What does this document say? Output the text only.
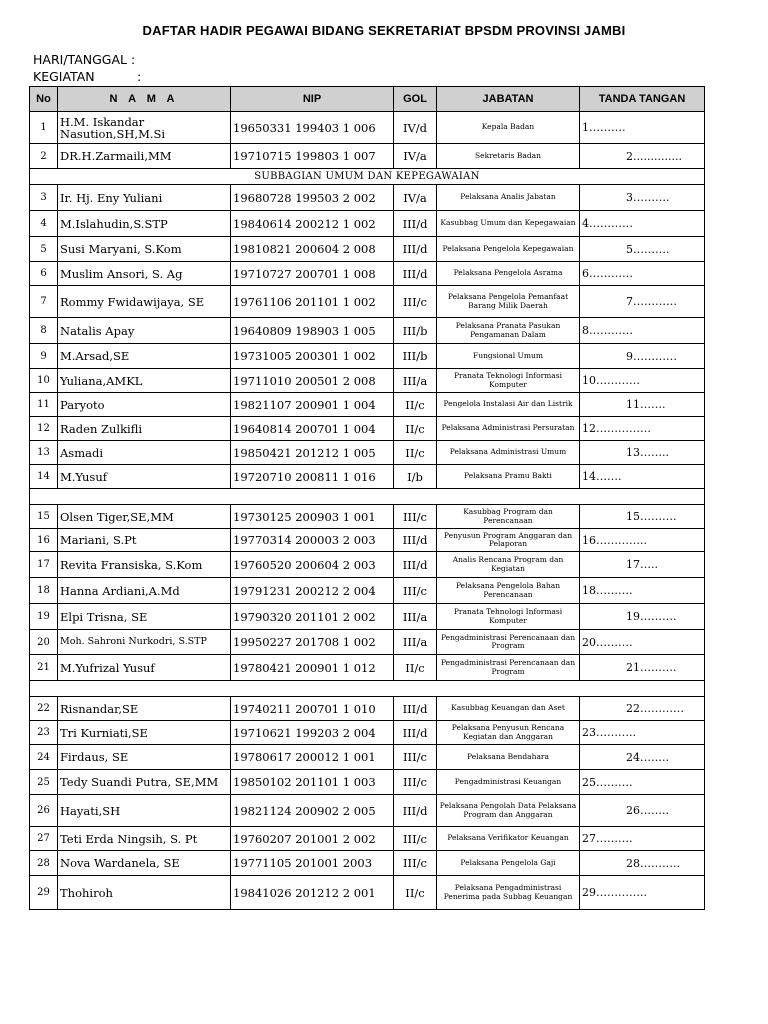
DAFTAR HADIR PEGAWAI BIDANG SEKRETARIAT BPSDM PROVINSI JAMBI
HARI/TANGGAL :
KEGIATAN	:
No	N A M A	NIP	GOL	JABATAN	TANDA TANGAN
1	H.M. Iskandar Nasution,SH,M.Si	19650331 199403 1 006	IV/d	Kepala Badan	1……….
2	DR.H.Zarmaili,MM	19710715 199803 1 007	IV/a	Sekretaris Badan	2..............
SUBBAGIAN UMUM DAN KEPEGAWAIAN					
3	Ir. Hj. Eny Yuliani	19680728 199503 2 002	IV/a	Pelaksana Analis Jabatan	3……….
4	M.Islahudin,S.STP	19840614 200212 1 002	III/d	Kasubbag Umum dan Kepegawaian	4…………
5	Susi Maryani, S.Kom	19810821 200604 2 008	III/d	Pelaksana Pengelola Kepegawaian	5……….
6	Muslim Ansori, S. Ag	19710727 200701 1 008	III/d	Pelaksana Pengelola Asrama	6…………
7	Rommy Fwidawijaya, SE	19761106 201101 1 002	III/c	Pelaksana Pengelola Pemanfaat Barang Milik Daerah	7…………
8	Natalis Apay	19640809 198903 1 005	III/b	Pelaksana Pranata Pasukan Pengamanan Dalam	8…………
9	M.Arsad,SE	19731005 200301 1 002	III/b	Fungsional Umum	9…………
10	Yuliana,AMKL	19711010 200501 2 008	III/a	Pranata Teknologi Informasi Komputer	10…………
11	Paryoto	19821107 200901 1 004	II/c	Pengelola Instalasi Air dan Listrik	11…….
12	Raden Zulkifli	19640814 200701 1 004	II/c	Pelaksana Administrasi Persuratan	12……………
13	Asmadi	19850421 201212 1 005	II/c	Pelaksana Administrasi Umum	13……..
14	M.Yusuf	19720710 200811 1 016	I/b	Pelaksana Pramu Bakti	14…….

15	Olsen Tiger,SE,MM	19730125 200903 1 001	III/c	Kasubbag Program dan Perencanaan	15……….
16	Mariani, S.Pt	19770314 200003 2 003	III/d	Penyusun Program Anggaran dan Pelaporan	16…………..
17	Revita Fransiska, S.Kom	19760520 200604 2 003	III/d	Analis Rencana Program dan Kegiatan	17…..
18	Hanna Ardiani,A.Md	19791231 200212 2 004	III/c	Pelaksana Pengelola Bahan Perencanaan	18……….
19	Elpi Trisna, SE	19790320 201101 2 002	III/a	Pranata Tehnologi Informasi Komputer	19……….
20	Moh. Sahroni Nurkodri, S.STP	19950227 201708 1 002	III/a	Pengadministrasi Perencanaan dan Program	20……….
21	M.Yufrizal Yusuf	19780421 200901 1 012	II/c	Pengadministrasi Perencanaan dan Program	21……….

22	Risnandar,SE	19740211 200701 1 010	III/d	Kasubbag Keuangan dan Aset	22…………
23	Tri Kurniati,SE	19710621 199203 2 004	III/d	Pelaksana Penyusun Rencana Kegiatan dan Anggaran	23………..
24	Firdaus, SE	19780617 200012 1 001	III/c	Pelaksana Bendahara	24……..
25	Tedy Suandi Putra, SE,MM	19850102 201101 1 003	III/c	Pengadministrasi Keuangan	25……….
26	Hayati,SH	19821124 200902 2 005	III/d	Pelaksana Pengolah Data Pelaksana Program dan Anggaran	26……..
27	Teti Erda Ningsih, S. Pt	19760207 201001 2 002	III/c	Pelaksana Verifikator Keuangan	27……….
28	Nova Wardanela, SE	19771105 201001 2003	III/c	Pelaksana Pengelola Gaji	28………..
29	Thohiroh	19841026 201212 2 001	II/c	Pelaksana Pengadministrasi Penerima pada Subbag Keuangan	29…………..
